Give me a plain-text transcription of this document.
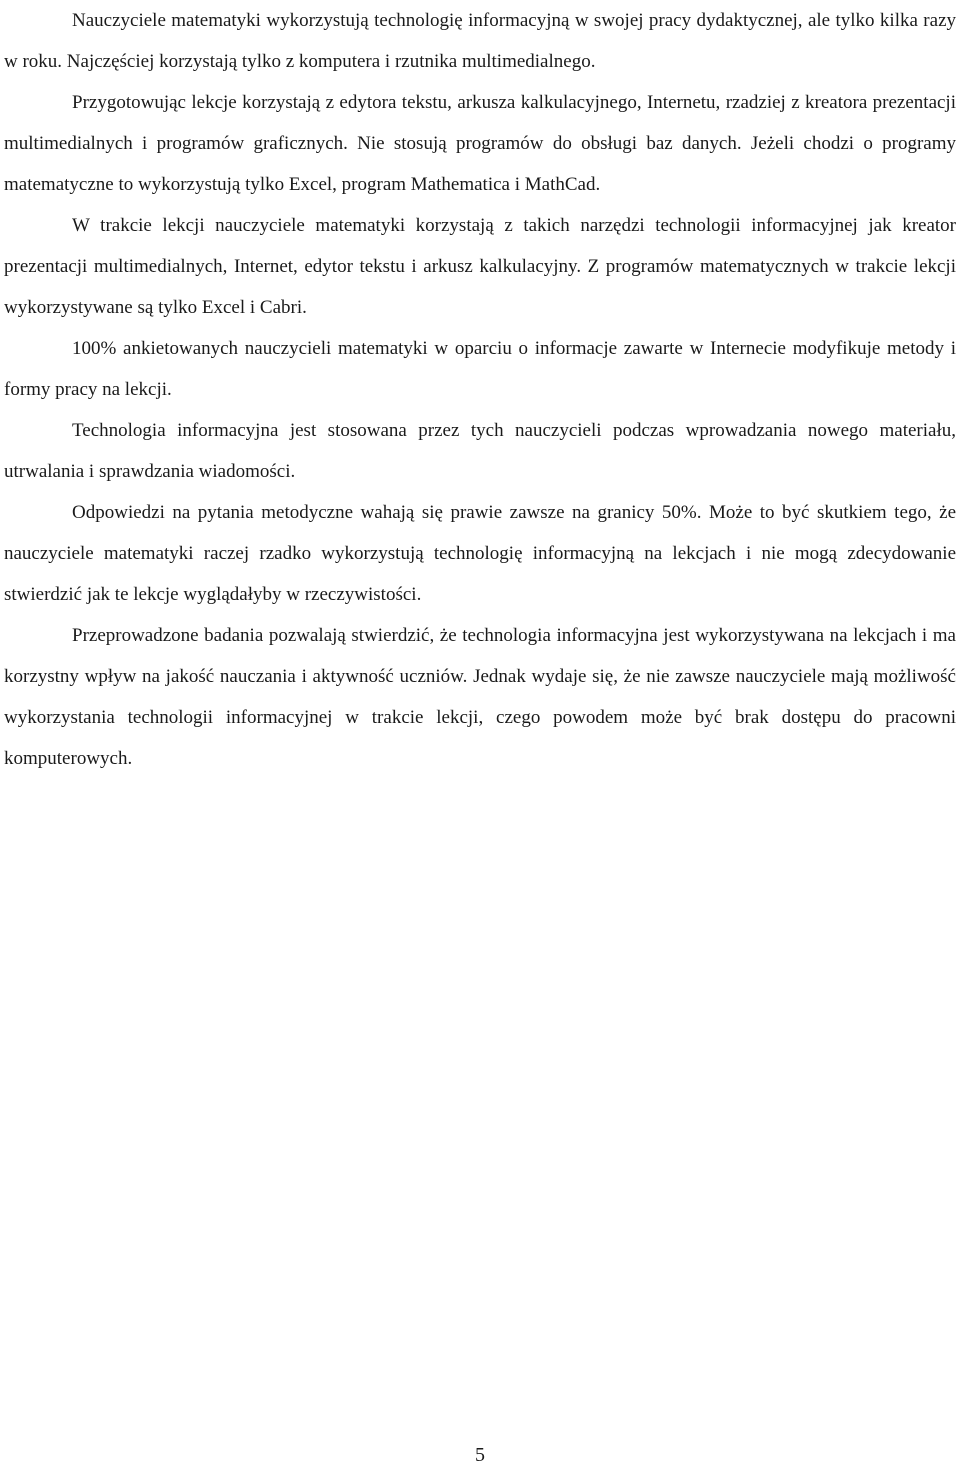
Nauczyciele matematyki wykorzystują technologię informacyjną w swojej pracy dydaktycznej, ale tylko kilka razy w roku. Najczęściej korzystają tylko z komputera i rzutnika multimedialnego.

Przygotowując lekcje korzystają z edytora tekstu, arkusza kalkulacyjnego, Internetu, rzadziej z kreatora prezentacji multimedialnych i programów graficznych. Nie stosują programów do obsługi baz danych. Jeżeli chodzi o programy matematyczne to wykorzystują tylko Excel, program Mathematica i MathCad.

W trakcie lekcji nauczyciele matematyki korzystają z takich narzędzi technologii informacyjnej jak kreator prezentacji multimedialnych, Internet, edytor tekstu i arkusz kalkulacyjny. Z programów matematycznych w trakcie lekcji wykorzystywane są tylko Excel i Cabri.

100% ankietowanych nauczycieli matematyki w oparciu o informacje zawarte w Internecie modyfikuje metody i formy pracy na lekcji.

Technologia informacyjna jest stosowana przez tych nauczycieli podczas wprowadzania nowego materiału, utrwalania i sprawdzania wiadomości.

Odpowiedzi na pytania metodyczne wahają się prawie zawsze na granicy 50%. Może to być skutkiem tego, że nauczyciele matematyki raczej rzadko wykorzystują technologię informacyjną na lekcjach i nie mogą zdecydowanie stwierdzić jak te lekcje wyglądałyby w rzeczywistości.

Przeprowadzone badania pozwalają stwierdzić, że technologia informacyjna jest wykorzystywana na lekcjach i ma korzystny wpływ na jakość nauczania i aktywność uczniów. Jednak wydaje się, że nie zawsze nauczyciele mają możliwość wykorzystania technologii informacyjnej w trakcie lekcji, czego powodem może być brak dostępu do pracowni komputerowych.

5
